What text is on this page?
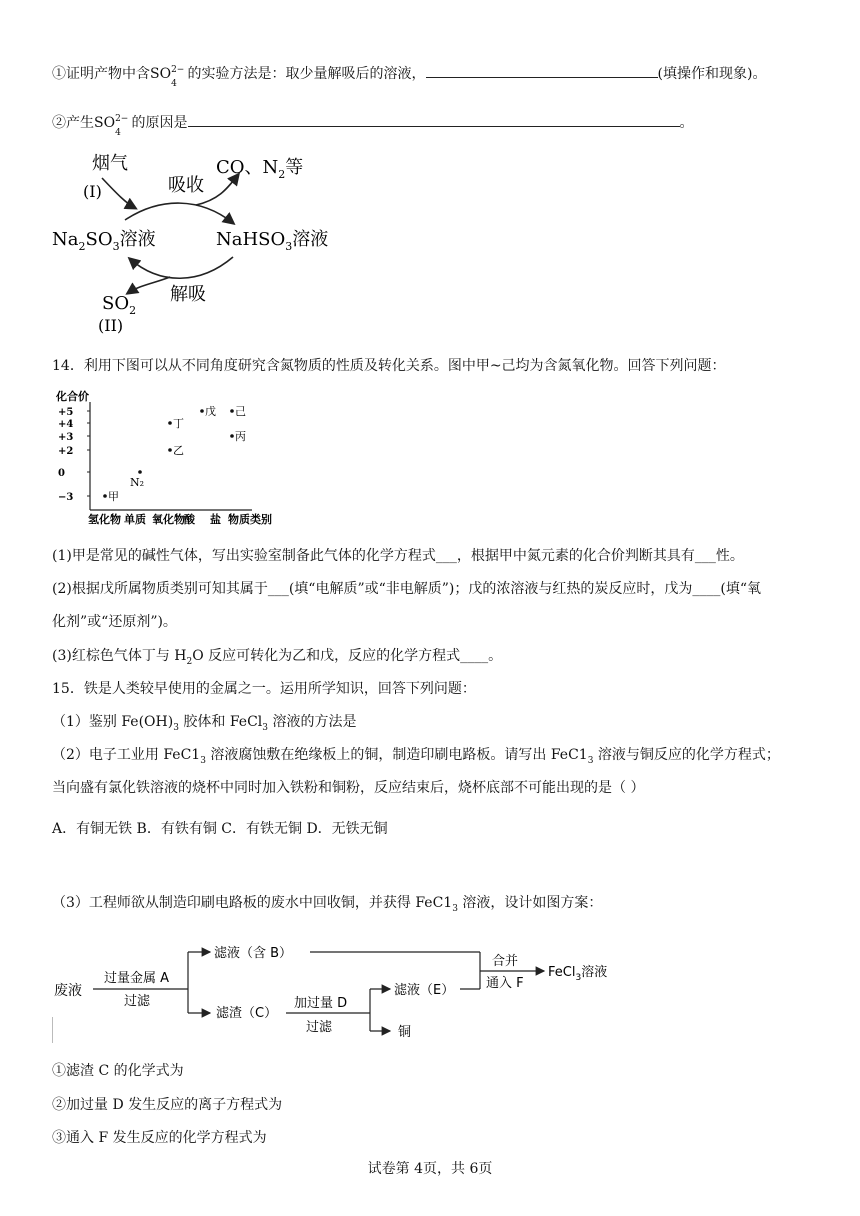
①证明产物中含SO 2−
4
的实验方法是：取少量解吸后的溶液，	(填操作和现象)。
②产生SO 2−
4
的原因是	。
烟气
(I)	吸收
CO、$N_2$等
$Na_2SO_3$溶液	NaHSO$_3$溶液
解吸
$SO_2$
(II)
14．利用下图可以从不同角度研究含氮物质的性质及转化关系。图中甲~己均为含氮氧化物。回答下列问题：
化合价
+5
+4
+3
+2
0
−3
氢化物 单质 氧化物 酸 盐
甲
N₂
乙
丁
戊 己
丙
物质类别
(1)甲是常见的碱性气体，写出实验室制备此气体的化学方程式___，根据甲中氮元素的化合价判断其具有___性。
(2)根据戊所属物质类别可知其属于___(填“电解质”或“非电解质”)；戊的浓溶液与红热的炭反应时，戊为____(填“氧
化剂”或“还原剂”)。
(3)红棕色气体丁与 $H_2O$ 反应可转化为乙和戊，反应的化学方程式____。
15．铁是人类较早使用的金属之一。运用所学知识，回答下列问题：
（1）鉴别 $Fe(OH)_3$ 胶体和 FeCl$_3$ 溶液的方法是
（2）电子工业用 $FeC1_3$ 溶液腐蚀敷在绝缘板上的铜，制造印刷电路板。请写出 $FeC1_3$ 溶液与铜反应的化学方程式；
当向盛有氯化铁溶液的烧杯中同时加入铁粉和铜粉，反应结束后，烧杯底部不可能出现的是（ ）
A．有铜无铁 B．有铁有铜 C．有铁无铜 D．无铁无铜
（3）工程师欲从制造印刷电路板的废水中回收铜，并获得 $FeC1_3$ 溶液，设计如图方案：
废液
过量金属 A
过滤
滤液（含 B）
滤渣（C）
加过量 D
过滤
滤液（E）
铜
合并
通入 F
FeCl$_3$溶液
①滤渣 C 的化学式为
②加过量 D 发生反应的离子方程式为
③通入 F 发生反应的化学方程式为
试卷第 4页，共 6页
